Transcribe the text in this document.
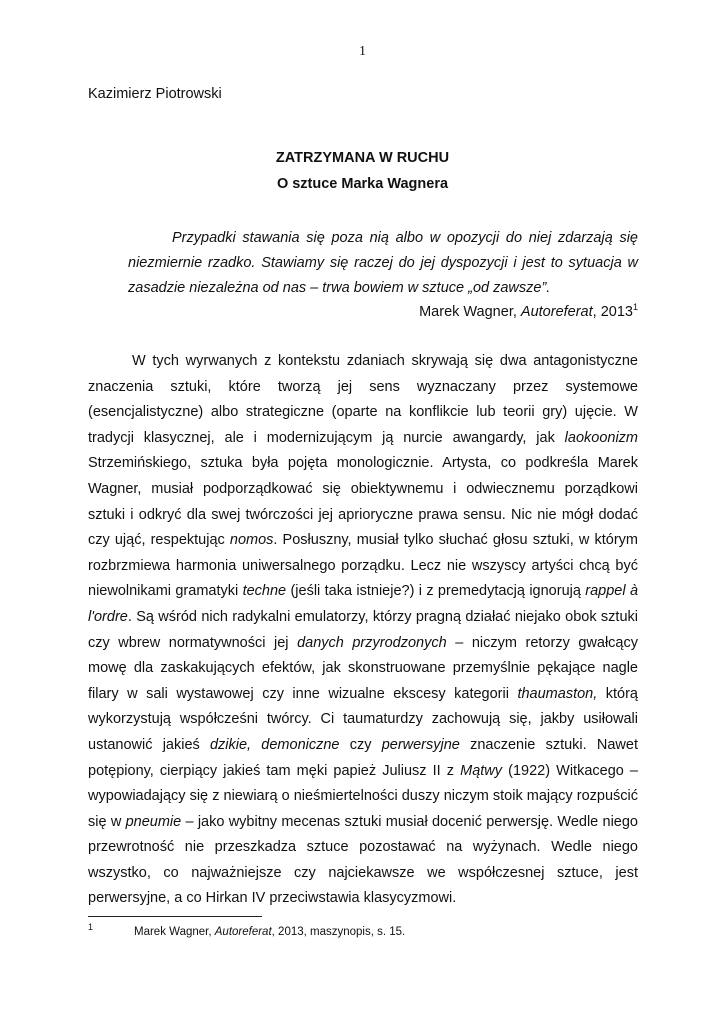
1
Kazimierz Piotrowski
ZATRZYMANA W RUCHU
O sztuce Marka Wagnera
Przypadki stawania się poza nią albo w opozycji do niej zdarzają się niezmiernie rzadko. Stawiamy się raczej do jej dyspozycji i jest to sytuacja w zasadzie niezależna od nas – trwa bowiem w sztuce „od zawsze”.
Marek Wagner, Autoreferat, 2013$^1$

W tych wyrwanych z kontekstu zdaniach skrywają się dwa antagonistyczne znaczenia sztuki, które tworzą jej sens wyznaczany przez systemowe (esencjalistyczne) albo strategiczne (oparte na konflikcie lub teorii gry) ujęcie. W tradycji klasycznej, ale i modernizującym ją nurcie awangardy, jak laokoonizm Strzemińskiego, sztuka była pojęta monologicznie. Artysta, co podkreśla Marek Wagner, musiał podporządkować się obiektywnemu i odwiecznemu porządkowi sztuki i odkryć dla swej twórczości jej aprioryczne prawa sensu. Nic nie mógł dodać czy ująć, respektując nomos. Posłuszny, musiał tylko słuchać głosu sztuki, w którym rozbrzmiewa harmonia uniwersalnego porządku. Lecz nie wszyscy artyści chcą być niewolnikami gramatyki techne (jeśli taka istnieje?) i z premedytacją ignorują rappel à l'ordre. Są wśród nich radykalni emulatorzy, którzy pragną działać niejako obok sztuki czy wbrew normatywności jej danych przyrodzonych – niczym retorzy gwałcący mowę dla zaskakujących efektów, jak skonstruowane przemyślnie pękające nagle filary w sali wystawowej czy inne wizualne ekscesy kategorii thaumaston, którą wykorzystują współcześni twórcy. Ci taumaturdzy zachowują się, jakby usiłowali ustanowić jakieś dzikie, demoniczne czy perwersyjne znaczenie sztuki. Nawet potępiony, cierpiący jakieś tam męki papież Juliusz II z Mątwy (1922) Witkacego – wypowiadający się z niewiarą o nieśmiertelności duszy niczym stoik mający rozpuścić się w pneumie – jako wybitny mecenas sztuki musiał docenić perwersję. Wedle niego przewrotność nie przeszkadza sztuce pozostawać na wyżynach. Wedle niego wszystko, co najważniejsze czy najciekawsze we współczesnej sztuce, jest perwersyjne, a co Hirkan IV przeciwstawia klasycyzmowi.

1	Marek Wagner, Autoreferat, 2013, maszynopis, s. 15.
